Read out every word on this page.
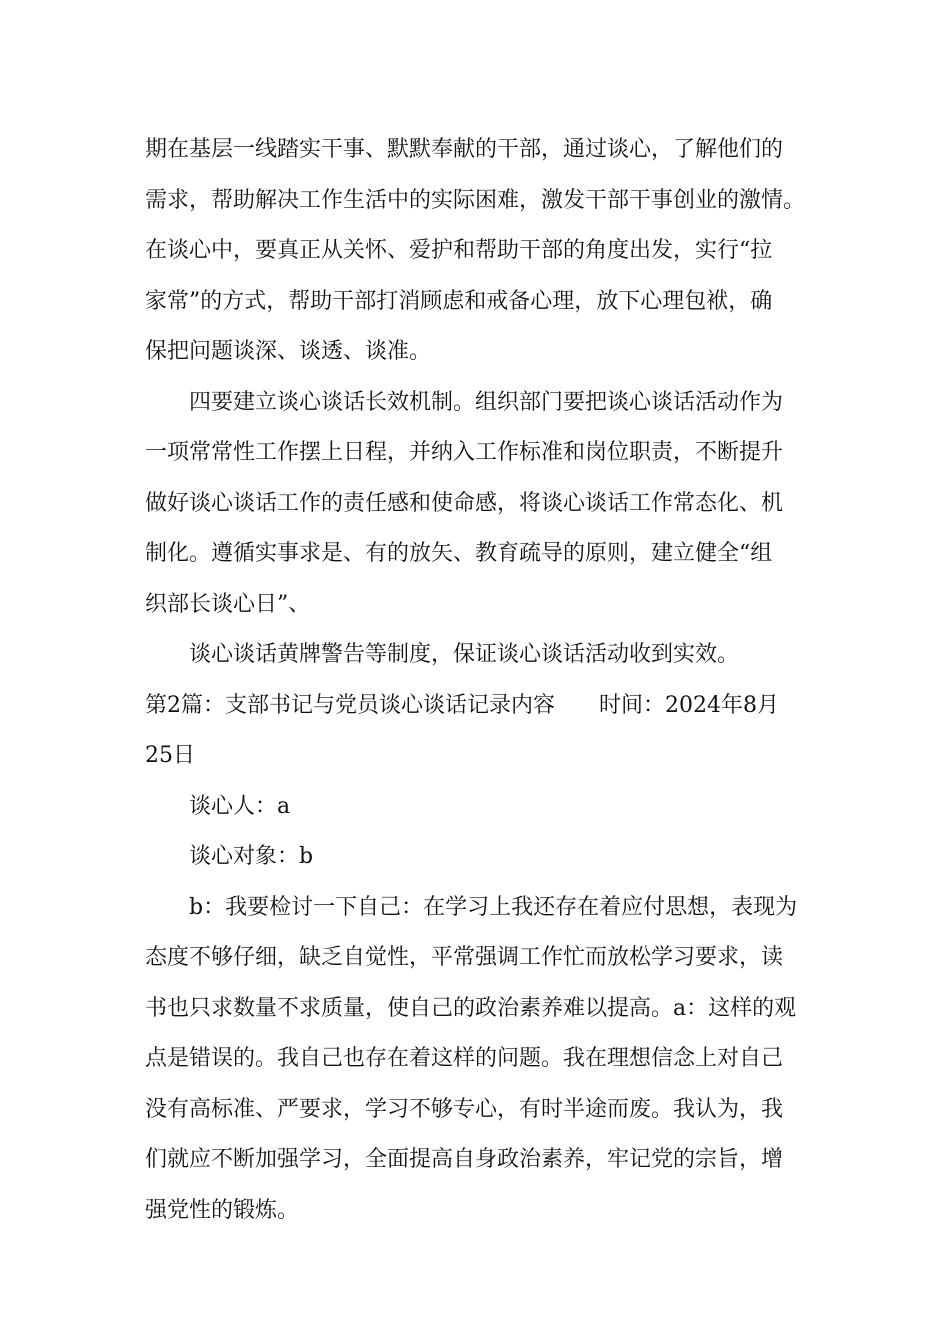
期在基层一线踏实干事、默默奉献的干部，通过谈心，了解他们的
需求，帮助解决工作生活中的实际困难，激发干部干事创业的激情。
在谈心中，要真正从关怀、爱护和帮助干部的角度出发，实行“拉
家常”的方式，帮助干部打消顾虑和戒备心理，放下心理包袱，确
保把问题谈深、谈透、谈准。
四要建立谈心谈话长效机制。组织部门要把谈心谈话活动作为
一项常常性工作摆上日程，并纳入工作标准和岗位职责，不断提升
做好谈心谈话工作的责任感和使命感，将谈心谈话工作常态化、机
制化。遵循实事求是、有的放矢、教育疏导的原则，建立健全“组
织部长谈心日”、
谈心谈话黄牌警告等制度，保证谈心谈话活动收到实效。
第2篇：支部书记与党员谈心谈话记录内容 时间：2024年8月
25日
谈心人：a
谈心对象：b
b：我要检讨一下自己：在学习上我还存在着应付思想，表现为
态度不够仔细，缺乏自觉性，平常强调工作忙而放松学习要求，读
书也只求数量不求质量，使自己的政治素养难以提高。a：这样的观
点是错误的。我自己也存在着这样的问题。我在理想信念上对自己
没有高标准、严要求，学习不够专心，有时半途而废。我认为，我
们就应不断加强学习，全面提高自身政治素养，牢记党的宗旨，增
强党性的锻炼。
